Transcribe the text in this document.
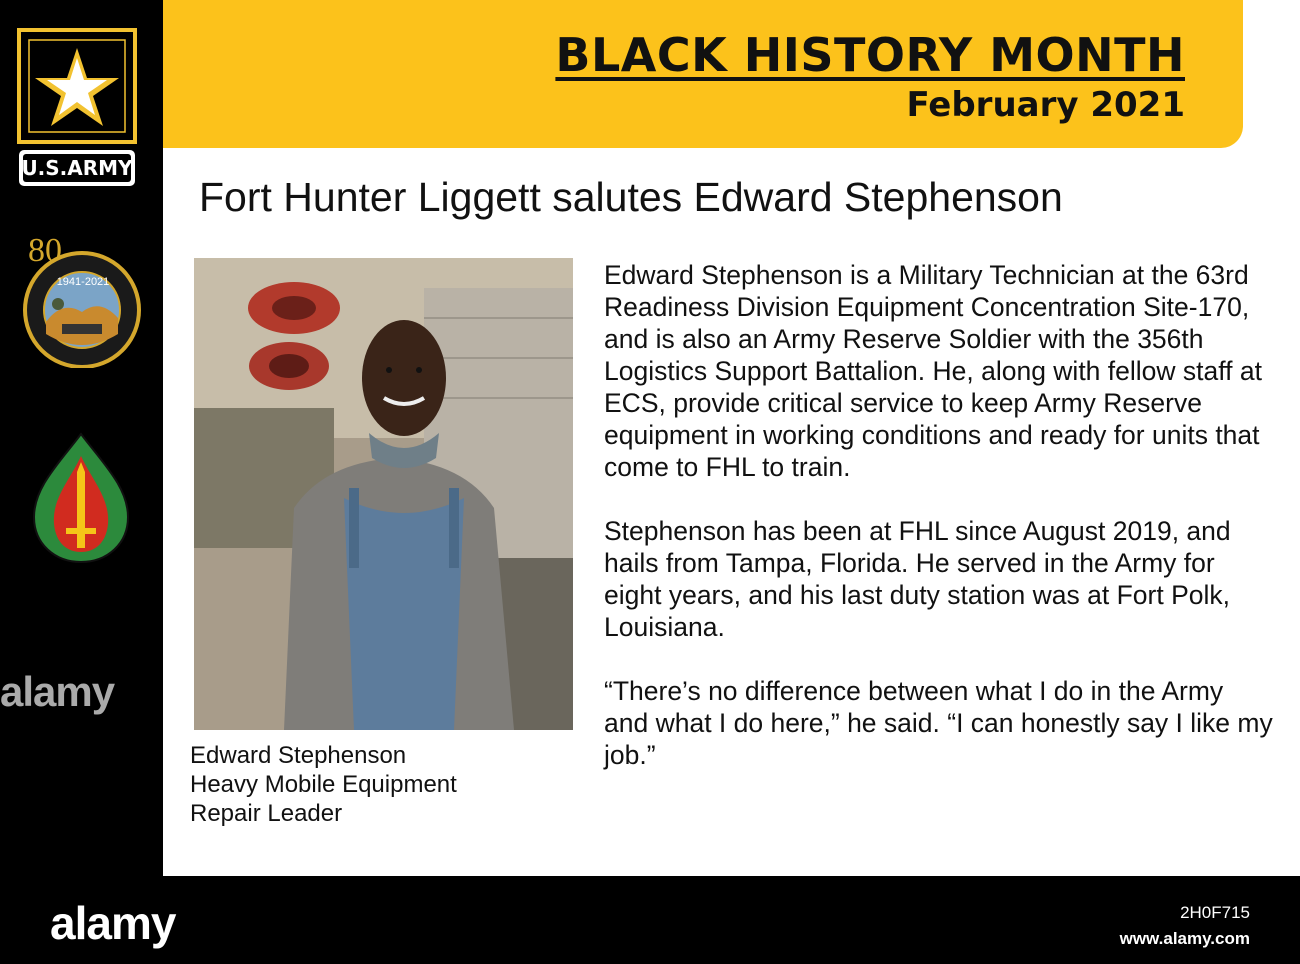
U.S.ARMY
80
1941-2021
alamy
BLACK HISTORY MONTH
February 2021
Fort Hunter Liggett salutes Edward Stephenson
Edward Stephenson
Heavy Mobile Equipment
Repair Leader

Edward Stephenson is a Military Technician at the 63rd Readiness Division Equipment Concentration Site-170, and is also an Army Reserve Soldier with the 356th Logistics Support Battalion. He, along with fellow staff at ECS, provide critical service to keep Army Reserve equipment in working conditions and ready for units that come to FHL to train.

Stephenson has been at FHL since August 2019, and hails from Tampa, Florida. He served in the Army for eight years, and his last duty station was at Fort Polk, Louisiana.

“There’s no difference between what I do in the Army and what I do here,” he said. “I can honestly say I like my job.”

alamy	2H0F715
www.alamy.com
